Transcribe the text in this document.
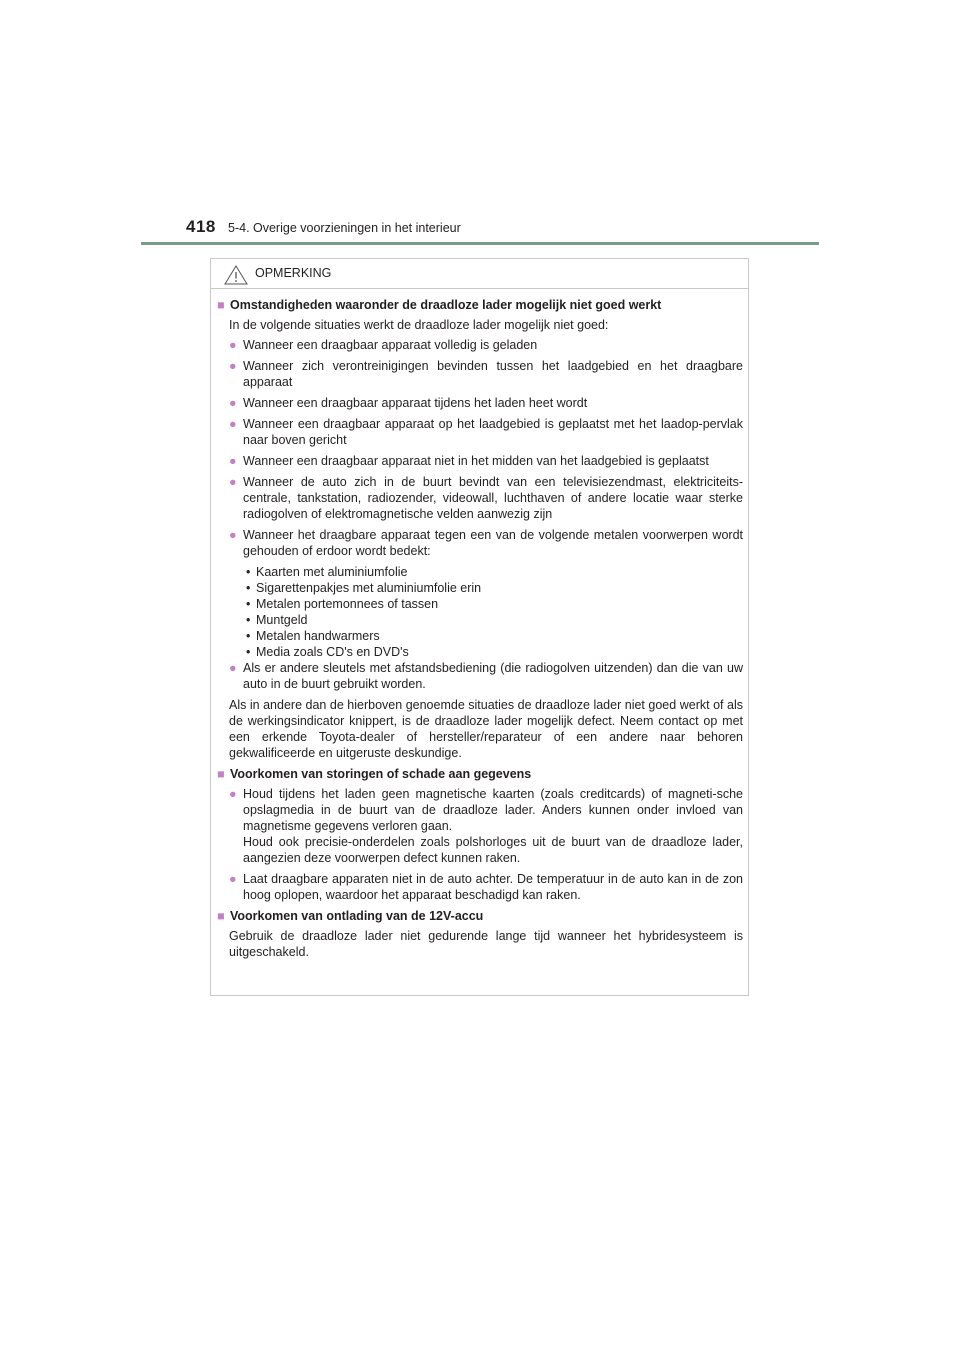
418 5-4. Overige voorzieningen in het interieur
OPMERKING
■ Omstandigheden waaronder de draadloze lader mogelijk niet goed werkt
In de volgende situaties werkt de draadloze lader mogelijk niet goed:
● Wanneer een draagbaar apparaat volledig is geladen
● Wanneer zich verontreinigingen bevinden tussen het laadgebied en het draagbare apparaat
● Wanneer een draagbaar apparaat tijdens het laden heet wordt
● Wanneer een draagbaar apparaat op het laadgebied is geplaatst met het laadop-pervlak naar boven gericht
● Wanneer een draagbaar apparaat niet in het midden van het laadgebied is geplaatst
● Wanneer de auto zich in de buurt bevindt van een televisiezendmast, elektriciteits-centrale, tankstation, radiozender, videowall, luchthaven of andere locatie waar sterke radiogolven of elektromagnetische velden aanwezig zijn
● Wanneer het draagbare apparaat tegen een van de volgende metalen voorwerpen wordt gehouden of erdoor wordt bedekt:
• Kaarten met aluminiumfolie
• Sigarettenpakjes met aluminiumfolie erin
• Metalen portemonnees of tassen
• Muntgeld
• Metalen handwarmers
• Media zoals CD's en DVD's
● Als er andere sleutels met afstandsbediening (die radiogolven uitzenden) dan die van uw auto in de buurt gebruikt worden.
Als in andere dan de hierboven genoemde situaties de draadloze lader niet goed werkt of als de werkingsindicator knippert, is de draadloze lader mogelijk defect. Neem contact op met een erkende Toyota-dealer of hersteller/reparateur of een andere naar behoren gekwalificeerde en uitgeruste deskundige.
■ Voorkomen van storingen of schade aan gegevens
● Houd tijdens het laden geen magnetische kaarten (zoals creditcards) of magneti-sche opslagmedia in de buurt van de draadloze lader. Anders kunnen onder invloed van magnetisme gegevens verloren gaan.
Houd ook precisie-onderdelen zoals polshorloges uit de buurt van de draadloze lader, aangezien deze voorwerpen defect kunnen raken.
● Laat draagbare apparaten niet in de auto achter. De temperatuur in de auto kan in de zon hoog oplopen, waardoor het apparaat beschadigd kan raken.
■ Voorkomen van ontlading van de 12V-accu
Gebruik de draadloze lader niet gedurende lange tijd wanneer het hybridesysteem is uitgeschakeld.
